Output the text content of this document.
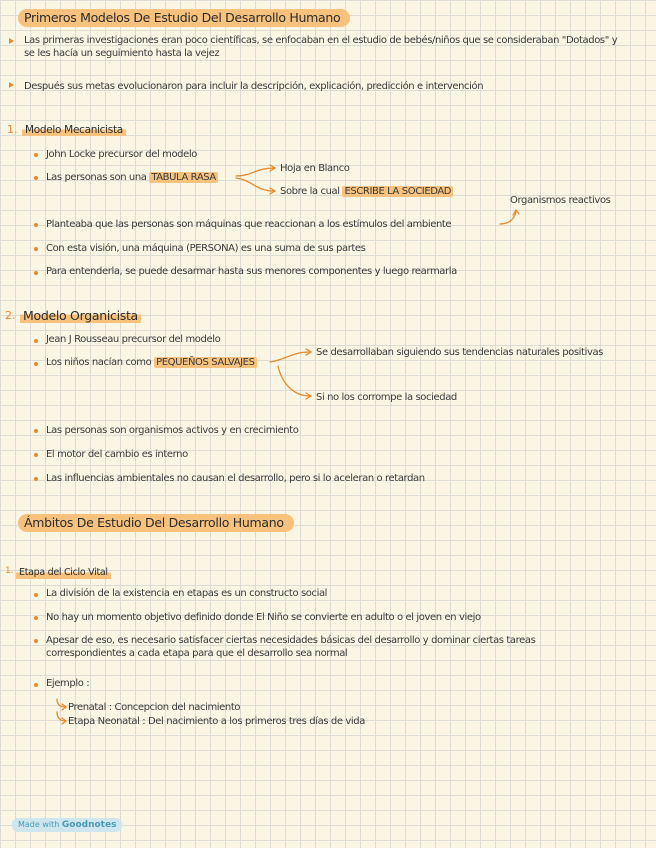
Primeros Modelos De Estudio Del Desarrollo Humano
Las primeras investigaciones eran poco científicas, se enfocaban en el estudio de bebés/niños que se consideraban "Dotados" y se les hacía un seguimiento hasta la vejez
Después sus metas evolucionaron para incluir la descripción, explicación, predicción e intervención
1. Modelo Mecanicista
John Locke precursor del modelo
Las personas son una TABULA RASA
Hoja en Blanco
Sobre la cual ESCRIBE LA SOCIEDAD
Organismos reactivos
Planteaba que las personas son máquinas que reaccionan a los estímulos del ambiente
Con esta visión, una máquina (PERSONA) es una suma de sus partes
Para entenderla, se puede desarmar hasta sus menores componentes y luego rearmarla
2. Modelo Organicista
Jean J Rousseau precursor del modelo
Los niños nacían como PEQUEÑOS SALVAJES
Se desarrollaban siguiendo sus tendencias naturales positivas
Si no los corrompe la sociedad
Las personas son organismos activos y en crecimiento
El motor del cambio es interno
Las influencias ambientales no causan el desarrollo, pero si lo aceleran o retardan
Ámbitos De Estudio Del Desarrollo Humano
1. Etapa del Ciclo Vital
La división de la existencia en etapas es un constructo social
No hay un momento objetivo definido donde El Niño se convierte en adulto o el joven en viejo
Apesar de eso, es necesario satisfacer ciertas necesidades básicas del desarrollo y dominar ciertas tareas correspondientes a cada etapa para que el desarrollo sea normal
Ejemplo :
Prenatal : Concepcion del nacimiento
Etapa Neonatal : Del nacimiento a los primeros tres días de vida
Made with Goodnotes
